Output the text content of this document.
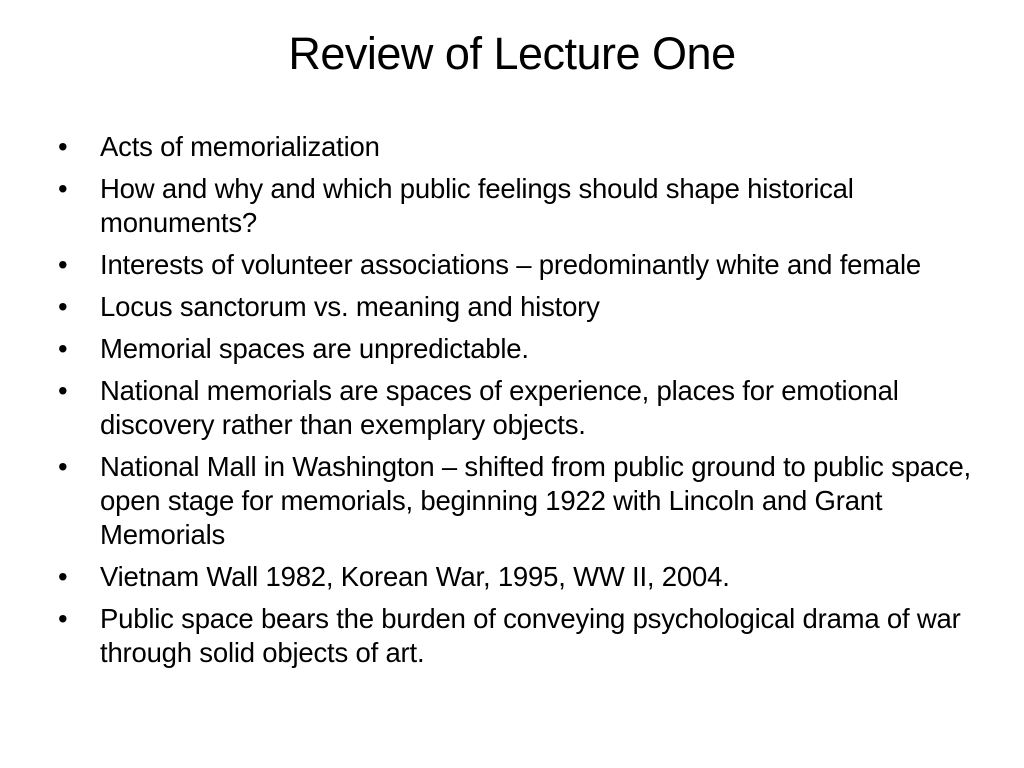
Review of Lecture One
•	Acts of memorialization
•	How and why and which public feelings should shape historical monuments?
•	Interests of volunteer associations – predominantly white and female
•	Locus sanctorum vs. meaning and history
•	Memorial spaces are unpredictable.
•	National memorials are spaces of experience, places for emotional discovery rather than exemplary objects.
•	National Mall in Washington – shifted from public ground to public space, open stage for memorials, beginning 1922 with Lincoln and Grant Memorials
•	Vietnam Wall 1982, Korean War, 1995, WW II, 2004.
•	Public space bears the burden of conveying psychological drama of war through solid objects of art.
